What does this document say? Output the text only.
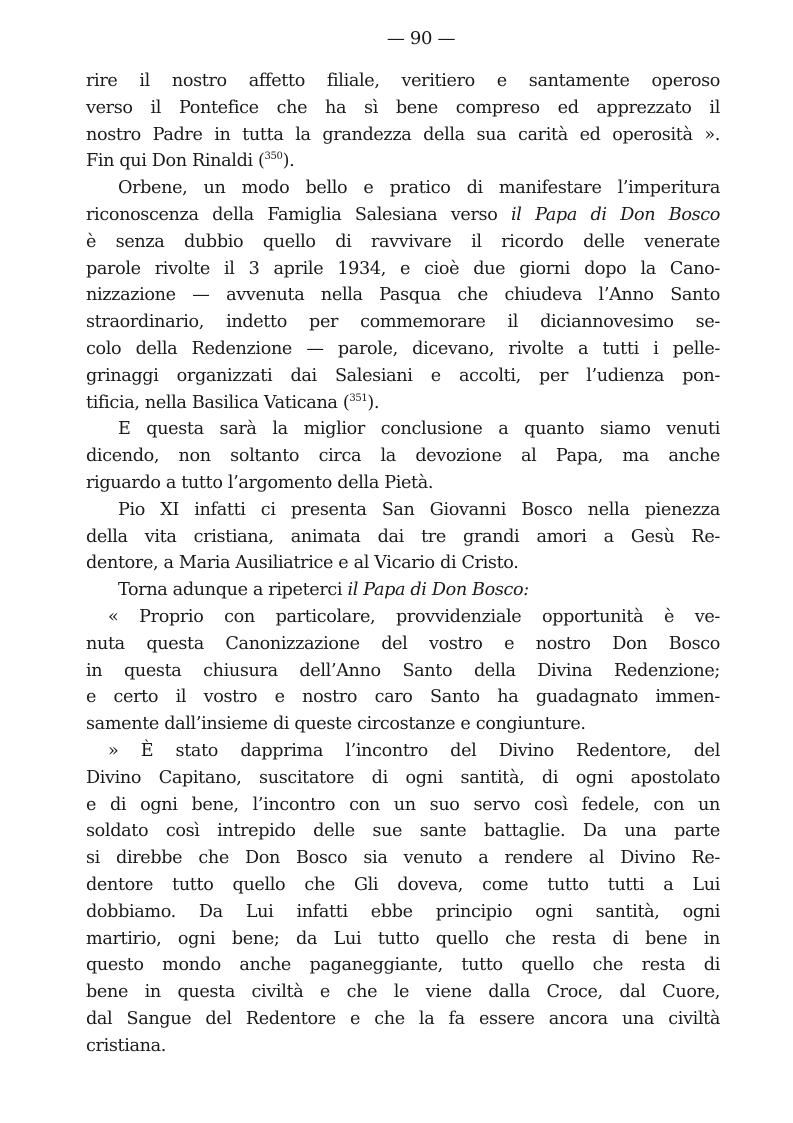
— 90 —
rire il nostro affetto filiale, veritiero e santamente operoso
verso il Pontefice che ha sì bene compreso ed apprezzato il
nostro Padre in tutta la grandezza della sua carità ed operosità ».
Fin qui Don Rinaldi ($^{350}$).
Orbene, un modo bello e pratico di manifestare l’imperitura
riconoscenza della Famiglia Salesiana verso il Papa di Don Bosco
è senza dubbio quello di ravvivare il ricordo delle venerate
parole rivolte il 3 aprile 1934, e cioè due giorni dopo la Cano-
nizzazione — avvenuta nella Pasqua che chiudeva l’Anno Santo
straordinario, indetto per commemorare il diciannovesimo se-
colo della Redenzione — parole, dicevano, rivolte a tutti i pelle-
grinaggi organizzati dai Salesiani e accolti, per l’udienza pon-
tificia, nella Basilica Vaticana ($^{351}$).
E questa sarà la miglior conclusione a quanto siamo venuti
dicendo, non soltanto circa la devozione al Papa, ma anche
riguardo a tutto l’argomento della Pietà.
Pio XI infatti ci presenta San Giovanni Bosco nella pienezza
della vita cristiana, animata dai tre grandi amori a Gesù Re-
dentore, a Maria Ausiliatrice e al Vicario di Cristo.
Torna adunque a ripeterci il Papa di Don Bosco:
« Proprio con particolare, provvidenziale opportunità è ve-
nuta questa Canonizzazione del vostro e nostro Don Bosco
in questa chiusura dell’Anno Santo della Divina Redenzione;
e certo il vostro e nostro caro Santo ha guadagnato immen-
samente dall’insieme di queste circostanze e congiunture.
» È stato dapprima l’incontro del Divino Redentore, del
Divino Capitano, suscitatore di ogni santità, di ogni apostolato
e di ogni bene, l’incontro con un suo servo così fedele, con un
soldato così intrepido delle sue sante battaglie. Da una parte
si direbbe che Don Bosco sia venuto a rendere al Divino Re-
dentore tutto quello che Gli doveva, come tutto tutti a Lui
dobbiamo. Da Lui infatti ebbe principio ogni santità, ogni
martirio, ogni bene; da Lui tutto quello che resta di bene in
questo mondo anche paganeggiante, tutto quello che resta di
bene in questa civiltà e che le viene dalla Croce, dal Cuore,
dal Sangue del Redentore e che la fa essere ancora una civiltà
cristiana.
